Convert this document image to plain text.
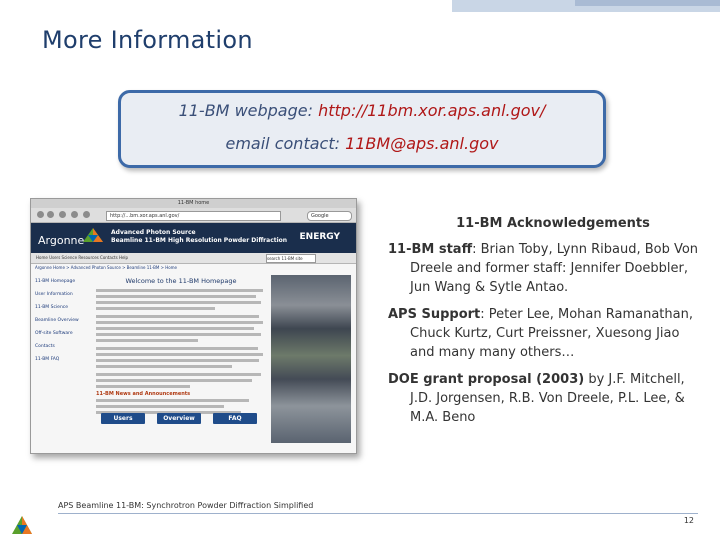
More Information
11-BM webpage: http://11bm.xor.aps.anl.gov/
email contact: 11BM@aps.anl.gov
11-BM home
http://...bm.xor.aps.anl.gov/	Google
Argonne
Advanced Photon Source
Beamline 11-BM High Resolution Powder Diffraction ENERGY
Home Users Science Resources Contacts Help	search 11-BM site
Argonne Home > Advanced Photon Source > Beamline 11-BM > Home
11-BM Homepage
User Information
11-BM Science
Beamline Overview
Off-site Software
Contacts
11-BM FAQ
Welcome to the 11-BM Homepage
11-BM News and Announcements
Users	Overview	FAQ
11-BM Acknowledgements

11-BM staff: Brian Toby, Lynn Ribaud, Bob Von Dreele and former staff: Jennifer Doebbler, Jun Wang & Sytle Antao.

APS Support: Peter Lee, Mohan Ramanathan, Chuck Kurtz, Curt Preissner, Xuesong Jiao and many many others…

DOE grant proposal (2003) by J.F. Mitchell, J.D. Jorgensen, R.B. Von Dreele, P.L. Lee, & M.A. Beno

APS Beamline 11-BM: Synchrotron Powder Diffraction Simplified
12
